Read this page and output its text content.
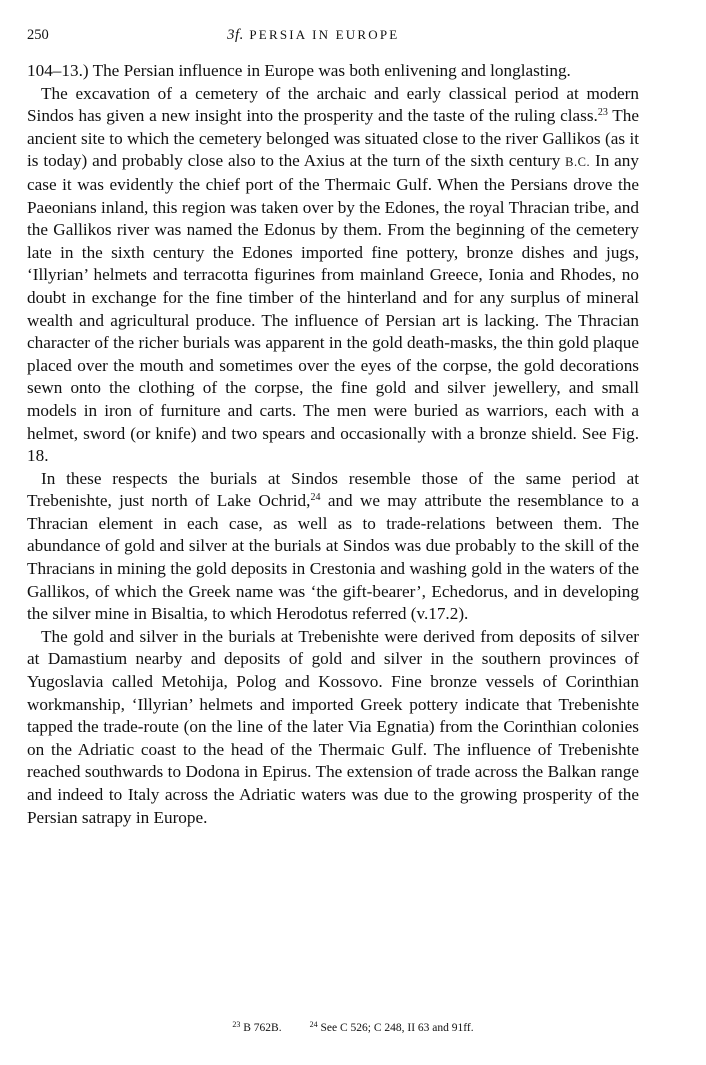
250	3f. PERSIA IN EUROPE

104–13.) The Persian influence in Europe was both enlivening and longlasting.

The excavation of a cemetery of the archaic and early classical period at modern Sindos has given a new insight into the prosperity and the taste of the ruling class.$^{23}$ The ancient site to which the cemetery belonged was situated close to the river Gallikos (as it is today) and probably close also to the Axius at the turn of the sixth century B.C. In any case it was evidently the chief port of the Thermaic Gulf. When the Persians drove the Paeonians inland, this region was taken over by the Edones, the royal Thracian tribe, and the Gallikos river was named the Edonus by them. From the beginning of the cemetery late in the sixth century the Edones imported fine pottery, bronze dishes and jugs, ‘Illyrian’ helmets and terracotta figurines from mainland Greece, Ionia and Rhodes, no doubt in exchange for the fine timber of the hinterland and for any surplus of mineral wealth and agricultural produce. The influence of Persian art is lacking. The Thracian character of the richer burials was apparent in the gold death-masks, the thin gold plaque placed over the mouth and sometimes over the eyes of the corpse, the gold decorations sewn onto the clothing of the corpse, the fine gold and silver jewellery, and small models in iron of furniture and carts. The men were buried as warriors, each with a helmet, sword (or knife) and two spears and occasionally with a bronze shield. See Fig. 18.

In these respects the burials at Sindos resemble those of the same period at Trebenishte, just north of Lake Ochrid,$^{24}$ and we may attribute the resemblance to a Thracian element in each case, as well as to trade-relations between them. The abundance of gold and silver at the burials at Sindos was due probably to the skill of the Thracians in mining the gold deposits in Crestonia and washing gold in the waters of the Gallikos, of which the Greek name was ‘the gift-bearer’, Echedorus, and in developing the silver mine in Bisaltia, to which Herodotus referred (v.17.2).

The gold and silver in the burials at Trebenishte were derived from deposits of silver at Damastium nearby and deposits of gold and silver in the southern provinces of Yugoslavia called Metohija, Polog and Kossovo. Fine bronze vessels of Corinthian workmanship, ‘Illyrian’ helmets and imported Greek pottery indicate that Trebenishte tapped the trade-route (on the line of the later Via Egnatia) from the Corinthian colonies on the Adriatic coast to the head of the Thermaic Gulf. The influence of Trebenishte reached southwards to Dodona in Epirus. The extension of trade across the Balkan range and indeed to Italy across the Adriatic waters was due to the growing prosperity of the Persian satrapy in Europe.

$^{23}$ B 762B.	$^{24}$ See C 526; C 248, II 63 and 91ff.
